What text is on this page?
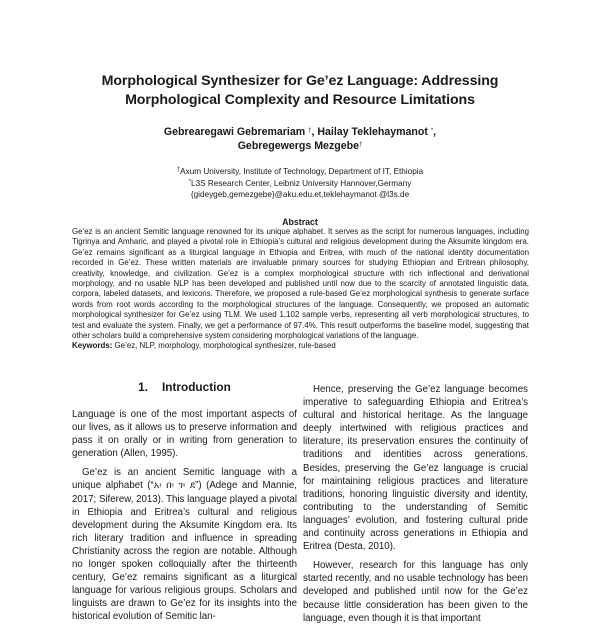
Morphological Synthesizer for Ge’ez Language: Addressing
Morphological Complexity and Resource Limitations
Gebrearegawi Gebremariam †, Hailay Teklehaymanot *,
Gebregewergs Mezgebe†
†Axum University, Institute of Technology, Department of IT, Ethiopia
*L3S Research Center, Leibniz University Hannover,Germany
{gideygeb,gemezgebe}@aku.edu.et,teklehaymanot @l3s.de
Abstract
Ge’ez is an ancient Semitic language renowned for its unique alphabet. It serves as the script for numerous languages, including Tigrinya and Amharic, and played a pivotal role in Ethiopia’s cultural and religious development during the Aksumite kingdom era. Ge’ez remains significant as a liturgical language in Ethiopia and Eritrea, with much of the national identity documentation recorded in Ge’ez. These written materials are invaluable primary sources for studying Ethiopian and Eritrean philosophy, creativity, knowledge, and civilization. Ge’ez is a complex morphological structure with rich inflectional and derivational morphology, and no usable NLP has been developed and published until now due to the scarcity of annotated linguistic data, corpora, labeled datasets, and lexicons. Therefore, we proposed a rule-based Ge’ez morphological synthesis to generate surface words from root words according to the morphological structures of the language. Consequently, we proposed an automatic morphological synthesizer for Ge’ez using TLM. We used 1,102 sample verbs, representing all verb morphological structures, to test and evaluate the system. Finally, we get a performance of 97.4%. This result outperforms the baseline model, suggesting that other scholars build a comprehensive system considering morphological variations of the language.
Keywords: Ge’ez, NLP, morphology, morphological synthesizer, rule-based
1. Introduction

Language is one of the most important aspects of our lives, as it allows us to preserve information and pass it on orally or in writing from generation to generation (Allen, 1995).

Ge’ez is an ancient Semitic language with a unique alphabet (“አ፡ በ፡ ገ፡ ደ”) (Adege and Mannie, 2017; Siferew, 2013). This language played a pivotal in Ethiopia and Eritrea’s cultural and religious development during the Aksumite Kingdom era. Its rich literary tradition and influence in spreading Christianity across the region are notable. Although no longer spoken colloquially after the thirteenth century, Ge’ez remains significant as a liturgical language for various religious groups. Scholars and linguists are drawn to Ge’ez for its insights into the historical evolution of Semitic lan-

Hence, preserving the Ge’ez language becomes imperative to safeguarding Ethiopia and Eritrea’s cultural and historical heritage. As the language deeply intertwined with religious practices and literature, its preservation ensures the continuity of traditions and identities across generations. Besides, preserving the Ge’ez language is crucial for maintaining religious practices and literature traditions, honoring linguistic diversity and identity, contributing to the understanding of Semitic languages’ evolution, and fostering cultural pride and continuity across generations in Ethiopia and Eritrea (Desta, 2010).

However, research for this language has only started recently, and no usable technology has been developed and published until now for the Ge’ez because little consideration has been given to the language, even though it is that important
